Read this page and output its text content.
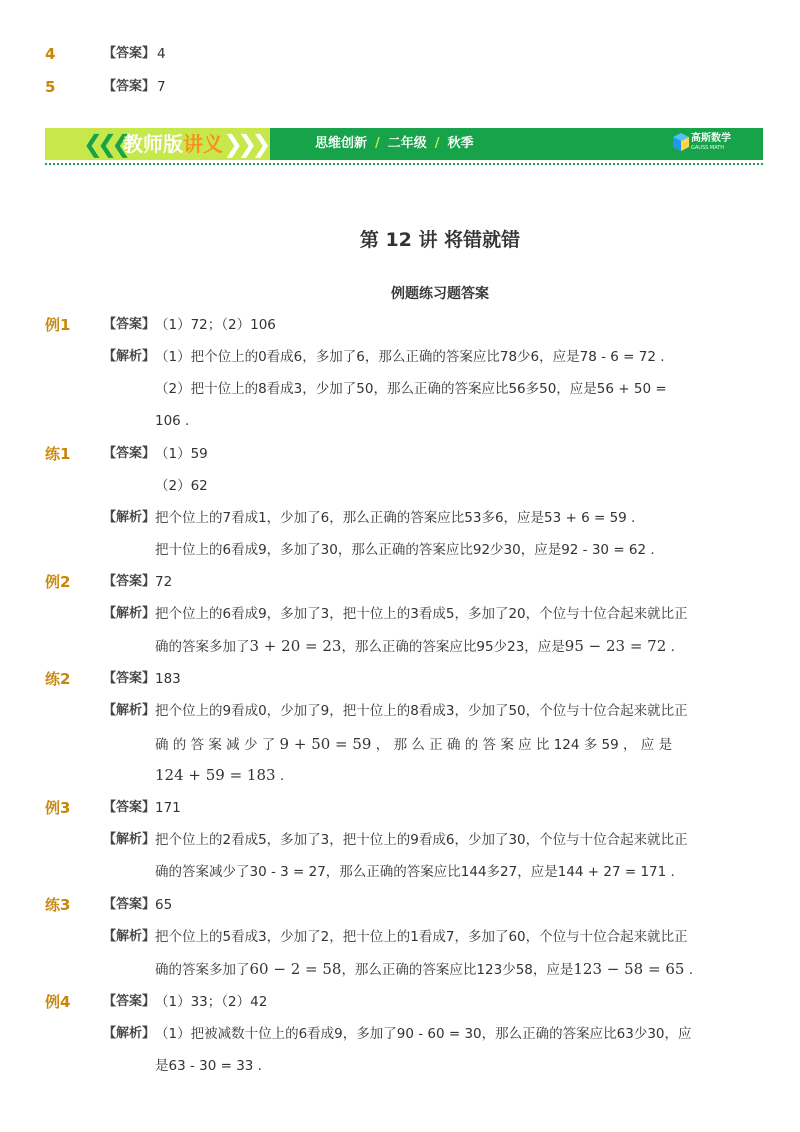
4	【答案】 4
5	【答案】 7
❮❮❮
教师版讲义 ❯❯❯	思维创新 / 二年级 / 秋季	高斯数学
GAUSS MATH
第 12 讲 将错就错
例题练习题答案
例1	【答案】 （1）72；（2）106
【解析】 （1）把个位上的0看成6，多加了6，那么正确的答案应比78少6，应是78 - 6 = 72 .
（2）把十位上的8看成3，少加了50，那么正确的答案应比56多50，应是56 + 50 =
106 .
练1	【答案】 （1）59
（2）62
【解析】 把个位上的7看成1，少加了6，那么正确的答案应比53多6，应是53 + 6 = 59 .
把十位上的6看成9，多加了30，那么正确的答案应比92少30，应是92 - 30 = 62 .
例2	【答案】 72
【解析】 把个位上的6看成9，多加了3，把十位上的3看成5，多加了20，个位与十位合起来就比正
确的答案多加了3 + 20 = 23，那么正确的答案应比95少23，应是95 − 23 = 72 .
练2	【答案】 183
【解析】 把个位上的9看成0，少加了9，把十位上的8看成3，少加了50，个位与十位合起来就比正
确 的 答 案 减 少 了 9 + 50 = 59 ， 那 么 正 确 的 答 案 应 比 124 多 59 ， 应 是
124 + 59 = 183 .
例3	【答案】 171
【解析】 把个位上的2看成5，多加了3，把十位上的9看成6，少加了30，个位与十位合起来就比正
确的答案减少了30 - 3 = 27，那么正确的答案应比144多27，应是144 + 27 = 171 .
练3	【答案】 65
【解析】 把个位上的5看成3，少加了2，把十位上的1看成7，多加了60，个位与十位合起来就比正
确的答案多加了60 − 2 = 58，那么正确的答案应比123少58，应是123 − 58 = 65 .
例4	【答案】 （1）33；（2）42
【解析】 （1）把被减数十位上的6看成9，多加了90 - 60 = 30，那么正确的答案应比63少30，应
是63 - 30 = 33 .
